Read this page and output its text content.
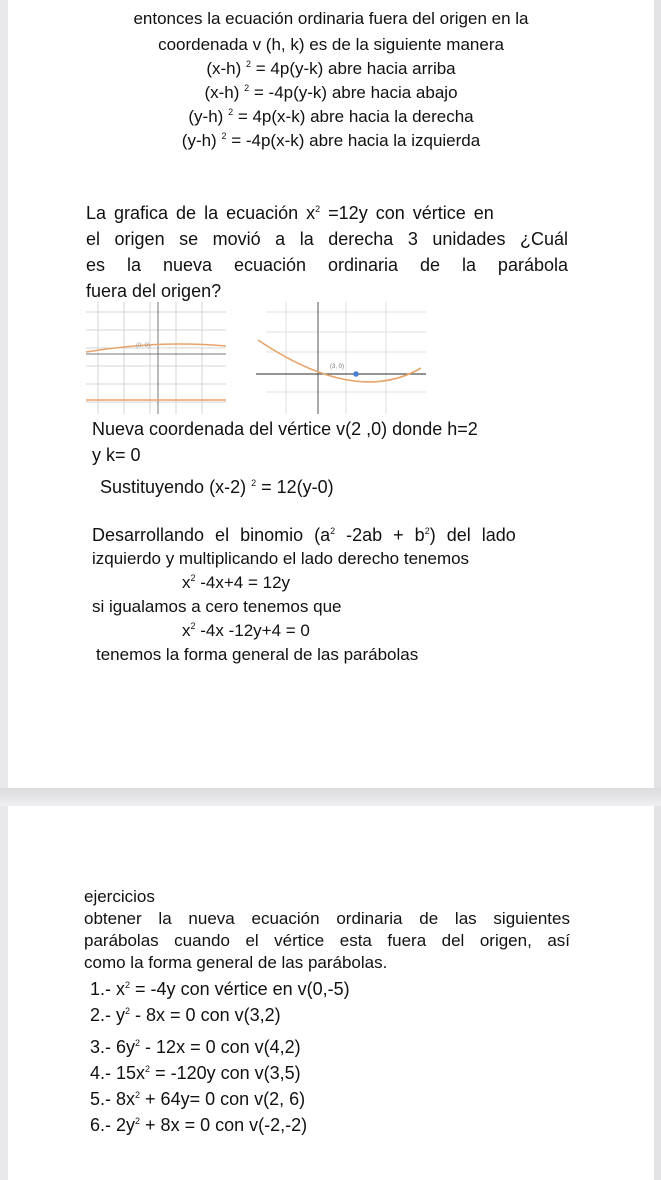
entonces la ecuación ordinaria fuera del origen en la
coordenada v (h, k) es de la siguiente manera
(x-h) $^2$ = 4p(y-k) abre hacia arriba
(x-h) $^2$ = -4p(y-k) abre hacia abajo
(y-h) $^2$ = 4p(x-k) abre hacia la derecha
(y-h) $^2$ = -4p(x-k) abre hacia la izquierda
La grafica de la ecuación $x^2 =12y$ con vértice en
el origen se movió a la derecha 3 unidades ¿Cuál
es la nueva ecuación ordinaria de la parábola
fuera del origen?
(0, 0)
(3, 0)
Nueva coordenada del vértice v(2 ,0) donde h=2
y k= 0
Sustituyendo (x-2) $^2$ = 12(y-0)
Desarrollando el binomio ($a^2$ $-2ab + b^2$) del lado
izquierdo y multiplicando el lado derecho tenemos
$x^2$ -4x+4 = 12y
si igualamos a cero tenemos que
$x^2$ -4x -12y+4 = 0
tenemos la forma general de las parábolas
ejercicios
obtener la nueva ecuación ordinaria de las siguientes
parábolas cuando el vértice esta fuera del origen, así
como la forma general de las parábolas.
1.- $x^2 = -4y$ con vértice en v(0,-5)
2.- $y^2 - 8x = 0$ con v(3,2)
3.- $6y^2 - 12x = 0$ con v(4,2)
4.- $15x^2 = -120y$ con v(3,5)
5.- $8x^2 + 64y= 0$ con v(2, 6)
6.- $2y^2 + 8x = 0$ con v(-2,-2)
